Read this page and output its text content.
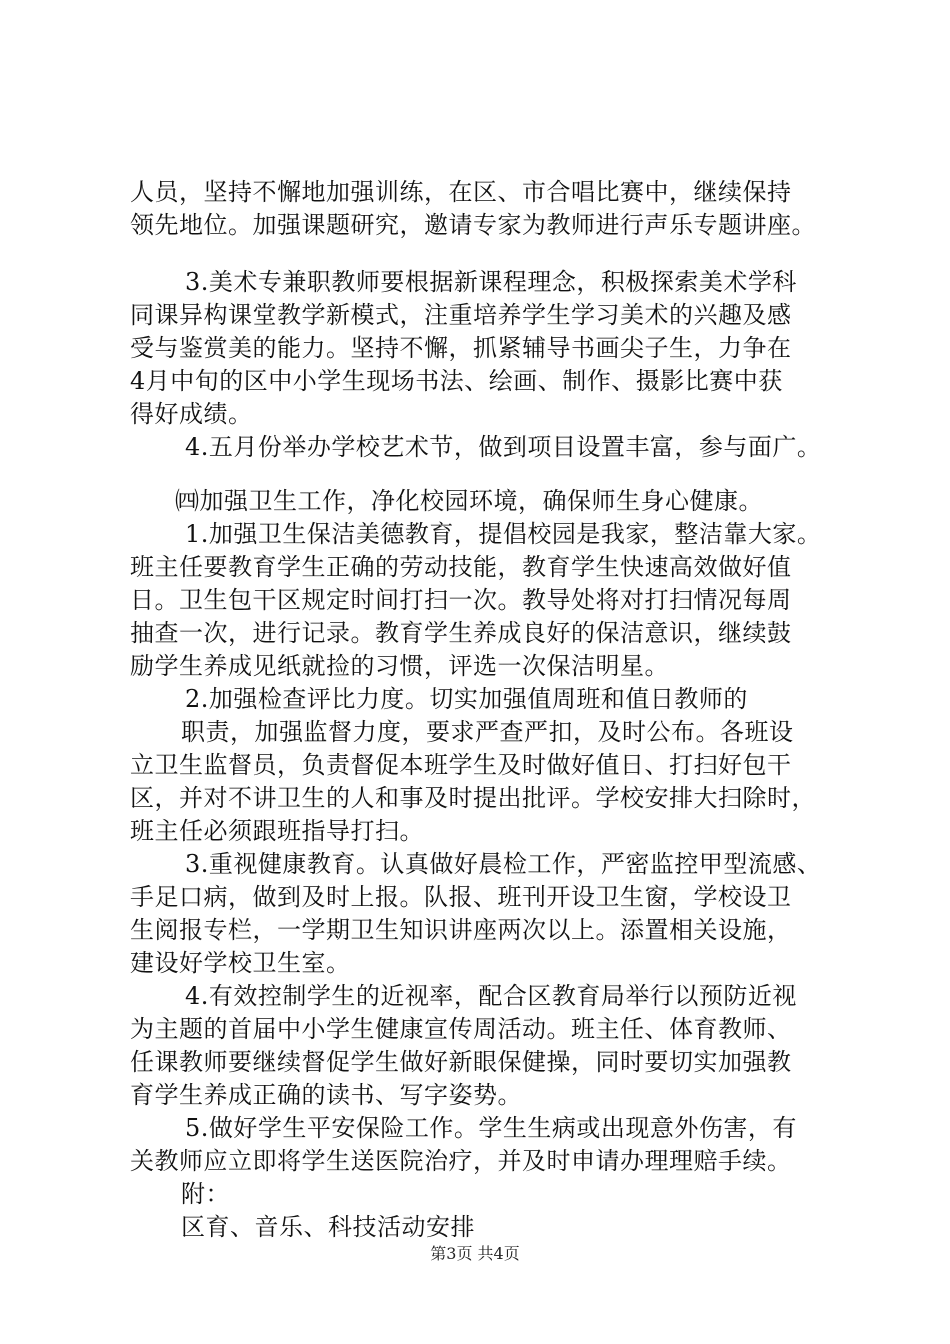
人员，坚持不懈地加强训练，在区、市合唱比赛中，继续保持
领先地位。加强课题研究，邀请专家为教师进行声乐专题讲座。
3.美术专兼职教师要根据新课程理念，积极探索美术学科
同课异构课堂教学新模式，注重培养学生学习美术的兴趣及感
受与鉴赏美的能力。坚持不懈，抓紧辅导书画尖子生，力争在
4月中旬的区中小学生现场书法、绘画、制作、摄影比赛中获
得好成绩。
4.五月份举办学校艺术节，做到项目设置丰富，参与面广。
㈣加强卫生工作，净化校园环境，确保师生身心健康。
1.加强卫生保洁美德教育，提倡校园是我家，整洁靠大家。
班主任要教育学生正确的劳动技能，教育学生快速高效做好值
日。卫生包干区规定时间打扫一次。教导处将对打扫情况每周
抽查一次，进行记录。教育学生养成良好的保洁意识，继续鼓
励学生养成见纸就捡的习惯，评选一次保洁明星。
2.加强检查评比力度。切实加强值周班和值日教师的
职责，加强监督力度，要求严查严扣，及时公布。各班设
立卫生监督员，负责督促本班学生及时做好值日、打扫好包干
区，并对不讲卫生的人和事及时提出批评。学校安排大扫除时，
班主任必须跟班指导打扫。
3.重视健康教育。认真做好晨检工作，严密监控甲型流感、
手足口病，做到及时上报。队报、班刊开设卫生窗，学校设卫
生阅报专栏，一学期卫生知识讲座两次以上。添置相关设施，
建设好学校卫生室。
4.有效控制学生的近视率，配合区教育局举行以预防近视
为主题的首届中小学生健康宣传周活动。班主任、体育教师、
任课教师要继续督促学生做好新眼保健操，同时要切实加强教
育学生养成正确的读书、写字姿势。
5.做好学生平安保险工作。学生生病或出现意外伤害，有
关教师应立即将学生送医院治疗，并及时申请办理理赔手续。
附：
区育、音乐、科技活动安排
第3页 共4页
